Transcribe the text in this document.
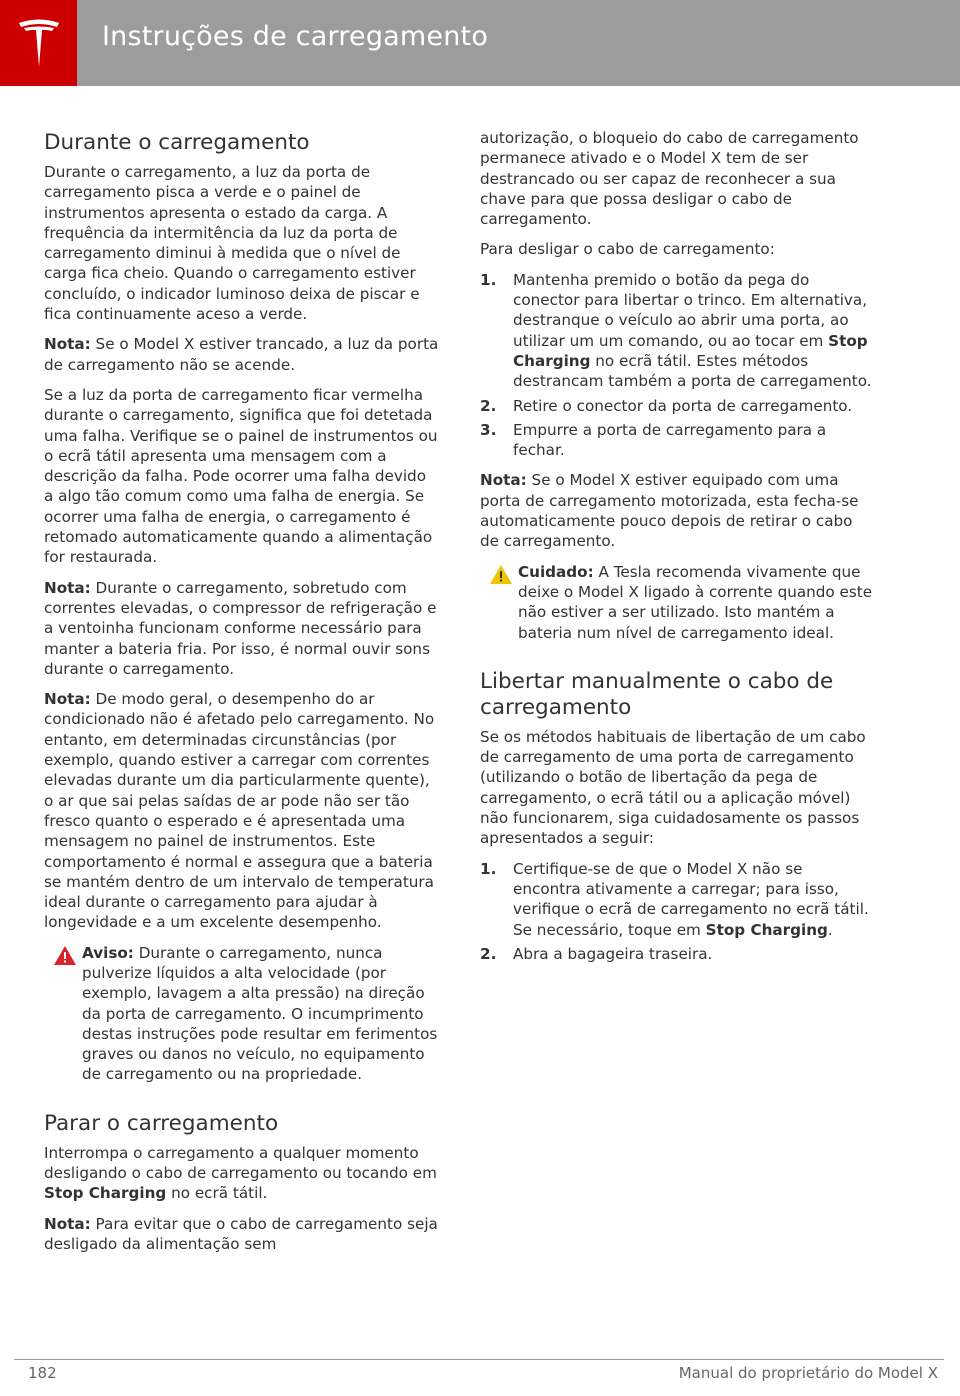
Instruções de carregamento
Durante o carregamento

Durante o carregamento, a luz da porta de carregamento pisca a verde e o painel de instrumentos apresenta o estado da carga. A frequência da intermitência da luz da porta de carregamento diminui à medida que o nível de carga fica cheio. Quando o carregamento estiver concluído, o indicador luminoso deixa de piscar e fica continuamente aceso a verde.

Nota: Se o Model X estiver trancado, a luz da porta de carregamento não se acende.

Se a luz da porta de carregamento ficar vermelha durante o carregamento, significa que foi detetada uma falha. Verifique se o painel de instrumentos ou o ecrã tátil apresenta uma mensagem com a descrição da falha. Pode ocorrer uma falha devido a algo tão comum como uma falha de energia. Se ocorrer uma falha de energia, o carregamento é retomado automaticamente quando a alimentação for restaurada.

Nota: Durante o carregamento, sobretudo com correntes elevadas, o compressor de refrigeração e a ventoinha funcionam conforme necessário para manter a bateria fria. Por isso, é normal ouvir sons durante o carregamento.

Nota: De modo geral, o desempenho do ar condicionado não é afetado pelo carregamento. No entanto, em determinadas circunstâncias (por exemplo, quando estiver a carregar com correntes elevadas durante um dia particularmente quente), o ar que sai pelas saídas de ar pode não ser tão fresco quanto o esperado e é apresentada uma mensagem no painel de instrumentos. Este comportamento é normal e assegura que a bateria se mantém dentro de um intervalo de temperatura ideal durante o carregamento para ajudar à longevidade e a um excelente desempenho.

Aviso: Durante o carregamento, nunca pulverize líquidos a alta velocidade (por exemplo, lavagem a alta pressão) na direção da porta de carregamento. O incumprimento destas instruções pode resultar em ferimentos graves ou danos no veículo, no equipamento de carregamento ou na propriedade.
Parar o carregamento

Interrompa o carregamento a qualquer momento desligando o cabo de carregamento ou tocando em Stop Charging no ecrã tátil.

Nota: Para evitar que o cabo de carregamento seja desligado da alimentação sem

autorização, o bloqueio do cabo de carregamento permanece ativado e o Model X tem de ser destrancado ou ser capaz de reconhecer a sua chave para que possa desligar o cabo de carregamento.

Para desligar o cabo de carregamento:

1. Mantenha premido o botão da pega do conector para libertar o trinco. Em alternativa, destranque o veículo ao abrir uma porta, ao utilizar um um comando, ou ao tocar em Stop Charging no ecrã tátil. Estes métodos destrancam também a porta de carregamento.
2. Retire o conector da porta de carregamento.
3. Empurre a porta de carregamento para a fechar.

Nota: Se o Model X estiver equipado com uma porta de carregamento motorizada, esta fecha-se automaticamente pouco depois de retirar o cabo de carregamento.

Cuidado: A Tesla recomenda vivamente que deixe o Model X ligado à corrente quando este não estiver a ser utilizado. Isto mantém a bateria num nível de carregamento ideal.
Libertar manualmente o cabo de carregamento

Se os métodos habituais de libertação de um cabo de carregamento de uma porta de carregamento (utilizando o botão de libertação da pega de carregamento, o ecrã tátil ou a aplicação móvel) não funcionarem, siga cuidadosamente os passos apresentados a seguir:

1. Certifique-se de que o Model X não se encontra ativamente a carregar; para isso, verifique o ecrã de carregamento no ecrã tátil. Se necessário, toque em Stop Charging.
2. Abra a bagageira traseira.
182	Manual do proprietário do Model X
